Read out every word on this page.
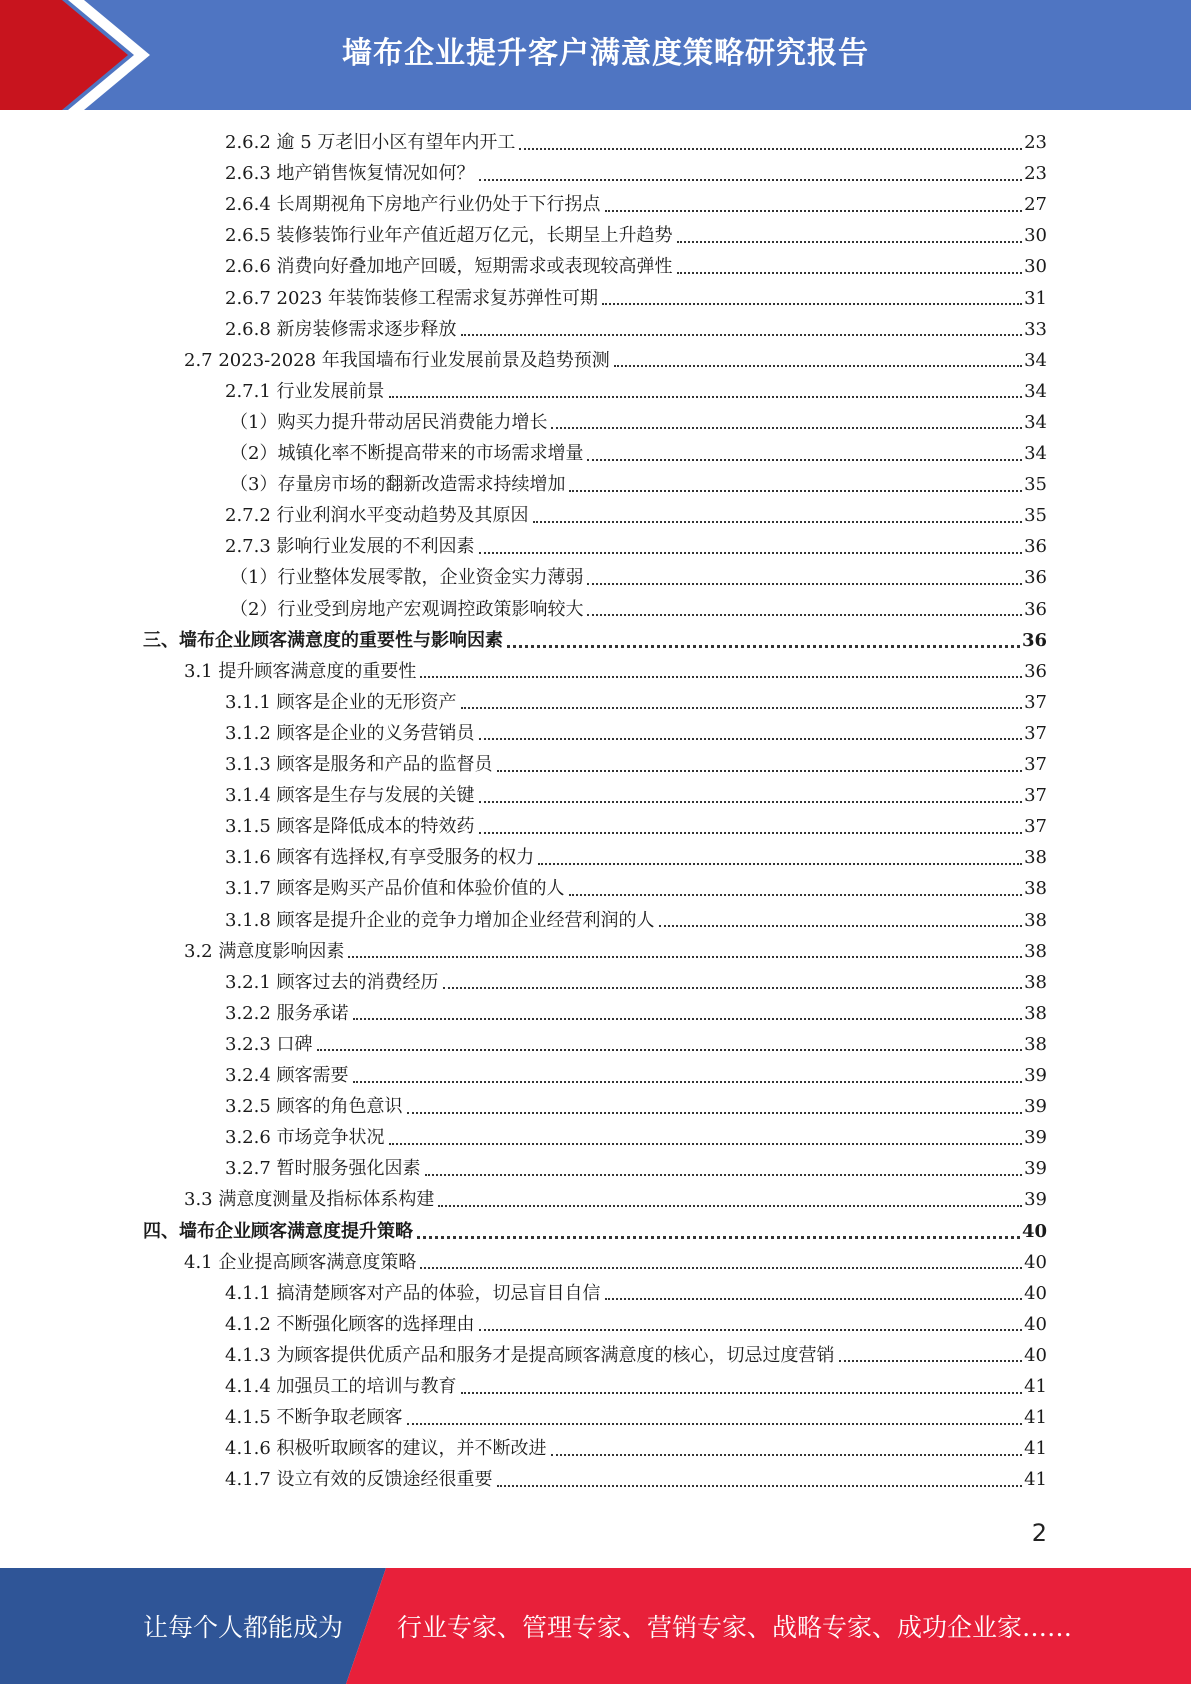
墙布企业提升客户满意度策略研究报告
2.6.2 逾 5 万老旧小区有望年内开工	23
2.6.3 地产销售恢复情况如何？	23
2.6.4 长周期视角下房地产行业仍处于下行拐点	27
2.6.5 装修装饰行业年产值近超万亿元，长期呈上升趋势	30
2.6.6 消费向好叠加地产回暖，短期需求或表现较高弹性	30
2.6.7 2023 年装饰装修工程需求复苏弹性可期	31
2.6.8 新房装修需求逐步释放	33
2.7 2023-2028 年我国墙布行业发展前景及趋势预测	34
2.7.1 行业发展前景	34
（1）购买力提升带动居民消费能力增长	34
（2）城镇化率不断提高带来的市场需求增量	34
（3）存量房市场的翻新改造需求持续增加	35
2.7.2 行业利润水平变动趋势及其原因	35
2.7.3 影响行业发展的不利因素	36
（1）行业整体发展零散，企业资金实力薄弱	36
（2）行业受到房地产宏观调控政策影响较大	36
三、墙布企业顾客满意度的重要性与影响因素	36
3.1 提升顾客满意度的重要性	36
3.1.1 顾客是企业的无形资产	37
3.1.2 顾客是企业的义务营销员	37
3.1.3 顾客是服务和产品的监督员	37
3.1.4 顾客是生存与发展的关键	37
3.1.5 顾客是降低成本的特效药	37
3.1.6 顾客有选择权,有享受服务的权力	38
3.1.7 顾客是购买产品价值和体验价值的人	38
3.1.8 顾客是提升企业的竞争力增加企业经营利润的人	38
3.2 满意度影响因素	38
3.2.1 顾客过去的消费经历	38
3.2.2 服务承诺	38
3.2.3 口碑	38
3.2.4 顾客需要	39
3.2.5 顾客的角色意识	39
3.2.6 市场竞争状况	39
3.2.7 暂时服务强化因素	39
3.3 满意度测量及指标体系构建	39
四、墙布企业顾客满意度提升策略	40
4.1 企业提高顾客满意度策略	40
4.1.1 搞清楚顾客对产品的体验，切忌盲目自信	40
4.1.2 不断强化顾客的选择理由	40
4.1.3 为顾客提供优质产品和服务才是提高顾客满意度的核心，切忌过度营销	40
4.1.4 加强员工的培训与教育	41
4.1.5 不断争取老顾客	41
4.1.6 积极听取顾客的建议，并不断改进	41
4.1.7 设立有效的反馈途经很重要	41
2
让每个人都能成为 行业专家、管理专家、营销专家、战略专家、成功企业家……
